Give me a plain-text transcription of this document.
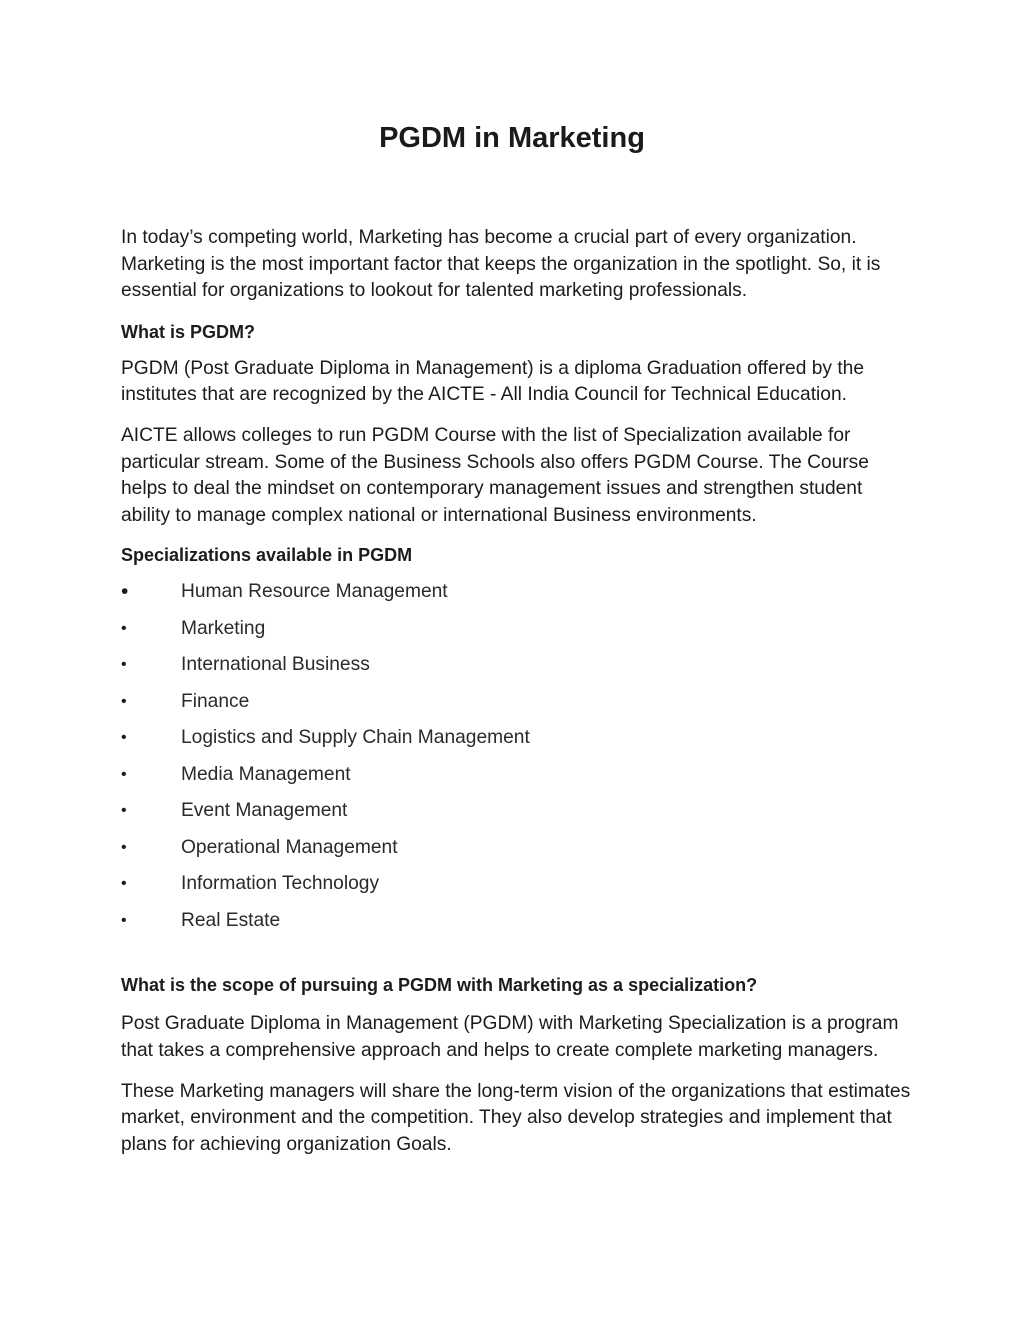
PGDM in Marketing

In today’s competing world, Marketing has become a crucial part of every organization. Marketing is the most important factor that keeps the organization in the spotlight. So, it is essential for organizations to lookout for talented marketing professionals.

What is PGDM?

PGDM (Post Graduate Diploma in Management) is a diploma Graduation offered by the institutes that are recognized by the AICTE - All India Council for Technical Education.

AICTE allows colleges to run PGDM Course with the list of Specialization available for particular stream. Some of the Business Schools also offers PGDM Course. The Course helps to deal the mindset on contemporary management issues and strengthen student ability to manage complex national or international Business environments.

Specializations available in PGDM

•	Human Resource Management
•	Marketing
•	International Business
•	Finance
•	Logistics and Supply Chain Management
•	Media Management
•	Event Management
•	Operational Management
•	Information Technology
•	Real Estate

What is the scope of pursuing a PGDM with Marketing as a specialization?

Post Graduate Diploma in Management (PGDM) with Marketing Specialization is a program that takes a comprehensive approach and helps to create complete marketing managers.

These Marketing managers will share the long-term vision of the organizations that estimates market, environment and the competition. They also develop strategies and implement that plans for achieving organization Goals.
